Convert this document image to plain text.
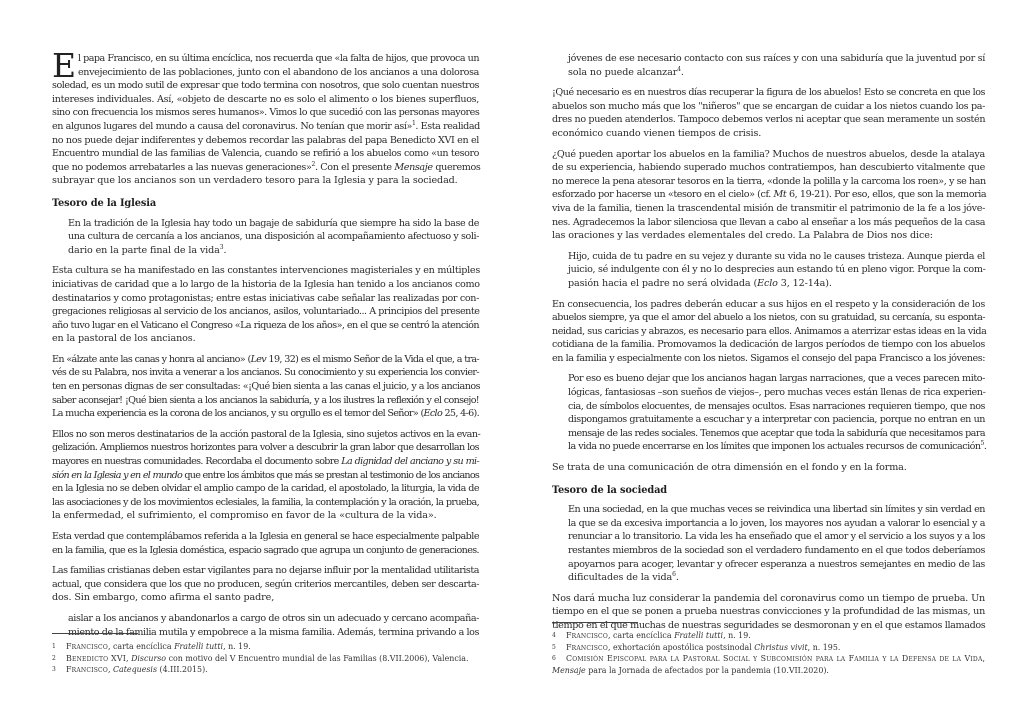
E l papa Francisco, en su última encíclica, nos recuerda que «la falta de hijos, que provoca un
envejecimiento de las poblaciones, junto con el abandono de los ancianos a una dolorosa
soledad, es un modo sutil de expresar que todo termina con nosotros, que solo cuentan nuestros
intereses individuales. Así, «objeto de descarte no es solo el alimento o los bienes superfluos,
sino con frecuencia los mismos seres humanos». Vimos lo que sucedió con las personas mayores
en algunos lugares del mundo a causa del coronavirus. No tenían que morir así»$^1$. Esta realidad
no nos puede dejar indiferentes y debemos recordar las palabras del papa Benedicto XVI en el
Encuentro mundial de las familias de Valencia, cuando se refirió a los abuelos como «un tesoro
que no podemos arrebatarles a las nuevas generaciones»$^2$. Con el presente Mensaje queremos
subrayar que los ancianos son un verdadero tesoro para la Iglesia y para la sociedad.

Tesoro de la Iglesia

En la tradición de la Iglesia hay todo un bagaje de sabiduría que siempre ha sido la base de
una cultura de cercanía a los ancianos, una disposición al acompañamiento afectuoso y soli-
dario en la parte final de la vida$^3$.

Esta cultura se ha manifestado en las constantes intervenciones magisteriales y en múltiples
iniciativas de caridad que a lo largo de la historia de la Iglesia han tenido a los ancianos como
destinatarios y como protagonistas; entre estas iniciativas cabe señalar las realizadas por con-
gregaciones religiosas al servicio de los ancianos, asilos, voluntariado... A principios del presente
año tuvo lugar en el Vaticano el Congreso «La riqueza de los años», en el que se centró la atención
en la pastoral de los ancianos.

En «álzate ante las canas y honra al anciano» (Lev 19, 32) es el mismo Señor de la Vida el que, a tra-
vés de su Palabra, nos invita a venerar a los ancianos. Su conocimiento y su experiencia los convier-
ten en personas dignas de ser consultadas: «¡Qué bien sienta a las canas el juicio, y a los ancianos
saber aconsejar! ¡Qué bien sienta a los ancianos la sabiduría, y a los ilustres la reflexión y el consejo!
La mucha experiencia es la corona de los ancianos, y su orgullo es el temor del Señor» (Eclo 25, 4-6).

Ellos no son meros destinatarios de la acción pastoral de la Iglesia, sino sujetos activos en la evan-
gelización. Ampliemos nuestros horizontes para volver a descubrir la gran labor que desarrollan los
mayores en nuestras comunidades. Recordaba el documento sobre La dignidad del anciano y su mi-
sión en la Iglesia y en el mundo que entre los ámbitos que más se prestan al testimonio de los ancianos
en la Iglesia no se deben olvidar el amplio campo de la caridad, el apostolado, la liturgia, la vida de
las asociaciones y de los movimientos eclesiales, la familia, la contemplación y la oración, la prueba,
la enfermedad, el sufrimiento, el compromiso en favor de la «cultura de la vida».

Esta verdad que contemplábamos referida a la Iglesia en general se hace especialmente palpable
en la familia, que es la Iglesia doméstica, espacio sagrado que agrupa un conjunto de generaciones.

Las familias cristianas deben estar vigilantes para no dejarse influir por la mentalidad utilitarista
actual, que considera que los que no producen, según criterios mercantiles, deben ser descarta-
dos. Sin embargo, como afirma el santo padre,

aislar a los ancianos y abandonarlos a cargo de otros sin un adecuado y cercano acompaña-
miento de la familia mutila y empobrece a la misma familia. Además, termina privando a los

1 Francisco, carta encíclica Fratelli tutti, n. 19.
2 Benedicto XVI, Discurso con motivo del V Encuentro mundial de las Familias (8.VII.2006), Valencia.
3 Francisco, Catequesis (4.III.2015).

jóvenes de ese necesario contacto con sus raíces y con una sabiduría que la juventud por sí
sola no puede alcanzar$^4$.

¡Qué necesario es en nuestros días recuperar la figura de los abuelos! Esto se concreta en que los
abuelos son mucho más que los "niñeros" que se encargan de cuidar a los nietos cuando los pa-
dres no pueden atenderlos. Tampoco debemos verlos ni aceptar que sean meramente un sostén
económico cuando vienen tiempos de crisis.

¿Qué pueden aportar los abuelos en la familia? Muchos de nuestros abuelos, desde la atalaya
de su experiencia, habiendo superado muchos contratiempos, han descubierto vitalmente que
no merece la pena atesorar tesoros en la tierra, «donde la polilla y la carcoma los roen», y se han
esforzado por hacerse un «tesoro en el cielo» (cf. Mt 6, 19-21). Por eso, ellos, que son la memoria
viva de la familia, tienen la trascendental misión de transmitir el patrimonio de la fe a los jóve-
nes. Agradecemos la labor silenciosa que llevan a cabo al enseñar a los más pequeños de la casa
las oraciones y las verdades elementales del credo. La Palabra de Dios nos dice:

Hijo, cuida de tu padre en su vejez y durante su vida no le causes tristeza. Aunque pierda el
juicio, sé indulgente con él y no lo desprecies aun estando tú en pleno vigor. Porque la com-
pasión hacia el padre no será olvidada (Eclo 3, 12-14a).

En consecuencia, los padres deberán educar a sus hijos en el respeto y la consideración de los
abuelos siempre, ya que el amor del abuelo a los nietos, con su gratuidad, su cercanía, su esponta-
neidad, sus caricias y abrazos, es necesario para ellos. Animamos a aterrizar estas ideas en la vida
cotidiana de la familia. Promovamos la dedicación de largos períodos de tiempo con los abuelos
en la familia y especialmente con los nietos. Sigamos el consejo del papa Francisco a los jóvenes:

Por eso es bueno dejar que los ancianos hagan largas narraciones, que a veces parecen mito-
lógicas, fantasiosas –son sueños de viejos–, pero muchas veces están llenas de rica experien-
cia, de símbolos elocuentes, de mensajes ocultos. Esas narraciones requieren tiempo, que nos
dispongamos gratuitamente a escuchar y a interpretar con paciencia, porque no entran en un
mensaje de las redes sociales. Tenemos que aceptar que toda la sabiduría que necesitamos para
la vida no puede encerrarse en los límites que imponen los actuales recursos de comunicación$^5$.

Se trata de una comunicación de otra dimensión en el fondo y en la forma.

Tesoro de la sociedad

En una sociedad, en la que muchas veces se reivindica una libertad sin límites y sin verdad en
la que se da excesiva importancia a lo joven, los mayores nos ayudan a valorar lo esencial y a
renunciar a lo transitorio. La vida les ha enseñado que el amor y el servicio a los suyos y a los
restantes miembros de la sociedad son el verdadero fundamento en el que todos deberíamos
apoyarnos para acoger, levantar y ofrecer esperanza a nuestros semejantes en medio de las
dificultades de la vida$^6$.

Nos dará mucha luz considerar la pandemia del coronavirus como un tiempo de prueba. Un
tiempo en el que se ponen a prueba nuestras convicciones y la profundidad de las mismas, un
tiempo en el que muchas de nuestras seguridades se desmoronan y en el que estamos llamados

4 Francisco, carta encíclica Fratelli tutti, n. 19.
5 Francisco, exhortación apostólica postsinodal Christus vivit, n. 195.
6 Comisión Episcopal para la Pastoral Social y Subcomisión para la Familia y la Defensa de la Vida, Mensaje para la Jornada de afectados por la pandemia (10.VII.2020).
